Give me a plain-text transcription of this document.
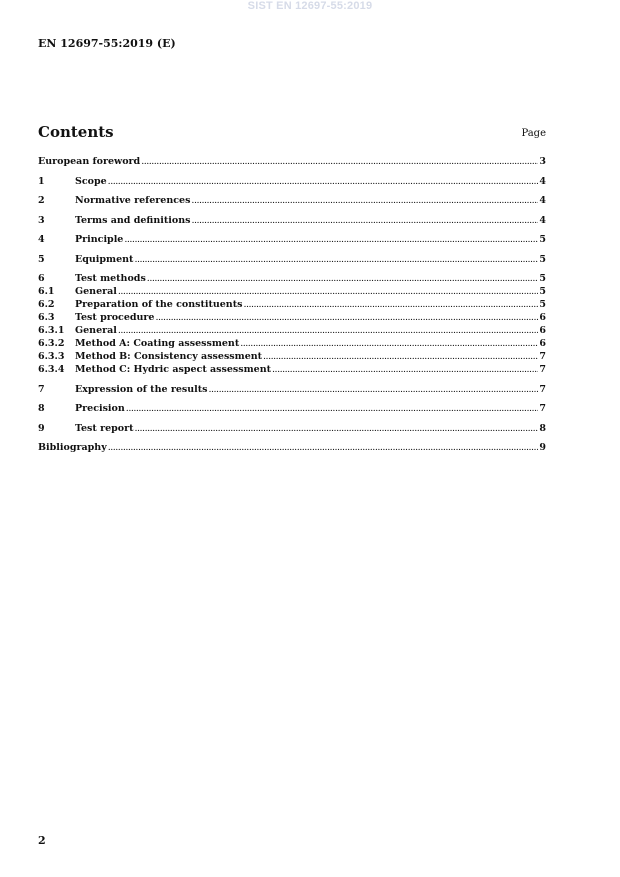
SIST EN 12697-55:2019
EN 12697-55:2019 (E)
Contents	Page
European foreword .....	3
1	Scope .....	4
2	Normative references .....	4
3	Terms and definitions .....	4
4	Principle .....	5
5	Equipment .....	5
6	Test methods .....	5
6.1	General .....	5
6.2	Preparation of the constituents .....	5
6.3	Test procedure .....	6
6.3.1	General .....	6
6.3.2	Method A: Coating assessment .....	6
6.3.3	Method B: Consistency assessment .....	7
6.3.4	Method C: Hydric aspect assessment .....	7
7	Expression of the results .....	7
8	Precision .....	7
9	Test report .....	8
Bibliography .....	9
2
